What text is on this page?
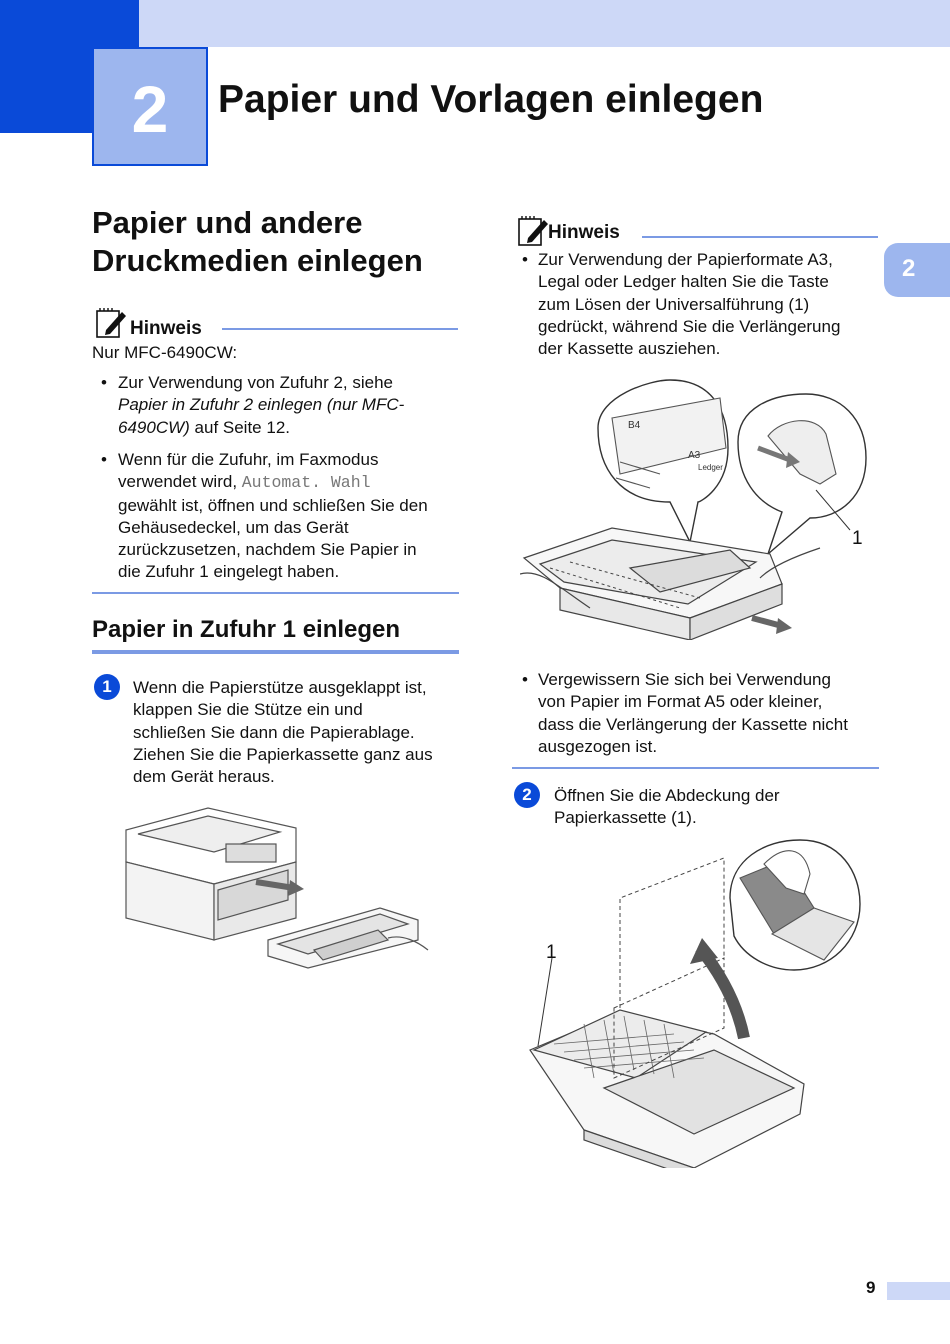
2	Papier und Vorlagen einlegen
2
Papier und andere
Druckmedien einlegen
Hinweis
Nur MFC-6490CW:
• Zur Verwendung von Zufuhr 2, siehe
Papier in Zufuhr 2 einlegen (nur MFC-
6490CW) auf Seite 12.
• Wenn für die Zufuhr, im Faxmodus
verwendet wird, Automat. Wahl
gewählt ist, öffnen und schließen Sie den
Gehäusedeckel, um das Gerät
zurückzusetzen, nachdem Sie Papier in
die Zufuhr 1 eingelegt haben.
Papier in Zufuhr 1 einlegen
1	Wenn die Papierstütze ausgeklappt ist,
klappen Sie die Stütze ein und
schließen Sie dann die Papierablage.
Ziehen Sie die Papierkassette ganz aus
dem Gerät heraus.
Hinweis
• Zur Verwendung der Papierformate A3,
Legal oder Ledger halten Sie die Taste
zum Lösen der Universalführung (1)
gedrückt, während Sie die Verlängerung
der Kassette ausziehen.
B4
A3
Ledger
1
• Vergewissern Sie sich bei Verwendung
von Papier im Format A5 oder kleiner,
dass die Verlängerung der Kassette nicht
ausgezogen ist.
2	Öffnen Sie die Abdeckung der
Papierkassette (1).
1
9
